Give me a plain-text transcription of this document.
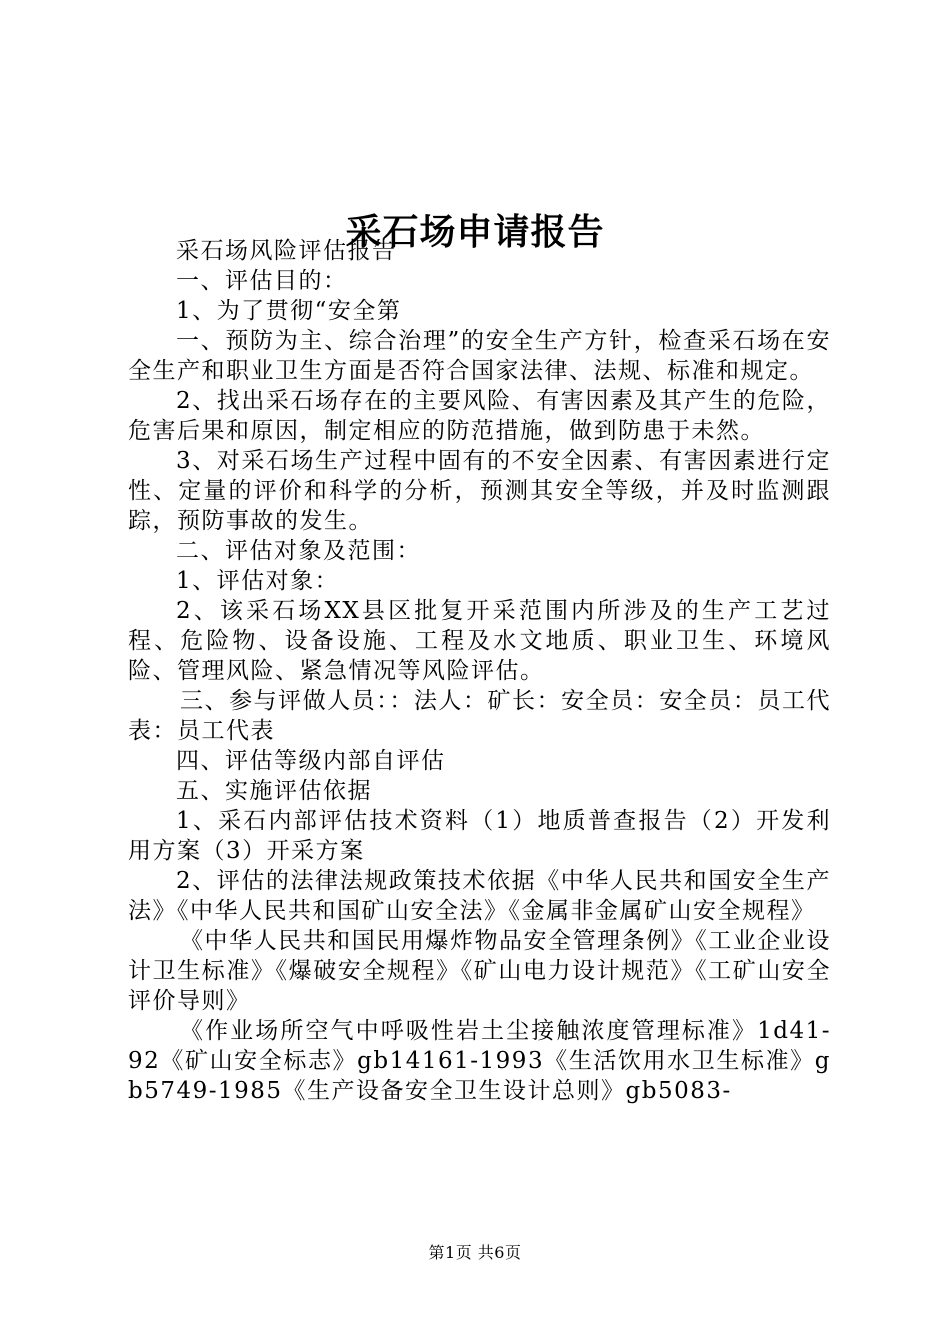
采石场申请报告

采石场风险评估报告

一、评估目的：

1、为了贯彻“安全第

一、预防为主、综合治理”的安全生产方针，检查采石场在安全生产和职业卫生方面是否符合国家法律、法规、标准和规定。

2、找出采石场存在的主要风险、有害因素及其产生的危险，危害后果和原因，制定相应的防范措施，做到防患于未然。

3、对采石场生产过程中固有的不安全因素、有害因素进行定性、定量的评价和科学的分析，预测其安全等级，并及时监测跟踪，预防事故的发生。

二、评估对象及范围：

1、评估对象：

2、该采石场XX县区批复开采范围内所涉及的生产工艺过程、危险物、设备设施、工程及水文地质、职业卫生、环境风险、管理风险、紧急情况等风险评估。

三、参与评做人员：：法人：矿长：安全员：安全员：员工代表：员工代表

四、评估等级内部自评估

五、实施评估依据

1、采石内部评估技术资料（1）地质普查报告（2）开发利用方案（3）开采方案

2、评估的法律法规政策技术依据《中华人民共和国安全生产法》《中华人民共和国矿山安全法》《金属非金属矿山安全规程》

《中华人民共和国民用爆炸物品安全管理条例》《工业企业设计卫生标准》《爆破安全规程》《矿山电力设计规范》《工矿山安全评价导则》

《作业场所空气中呼吸性岩土尘接触浓度管理标准》1d41-92《矿山安全标志》gb14161-1993《生活饮用水卫生标准》gb5749-1985《生产设备安全卫生设计总则》gb5083-

第1页 共6页
